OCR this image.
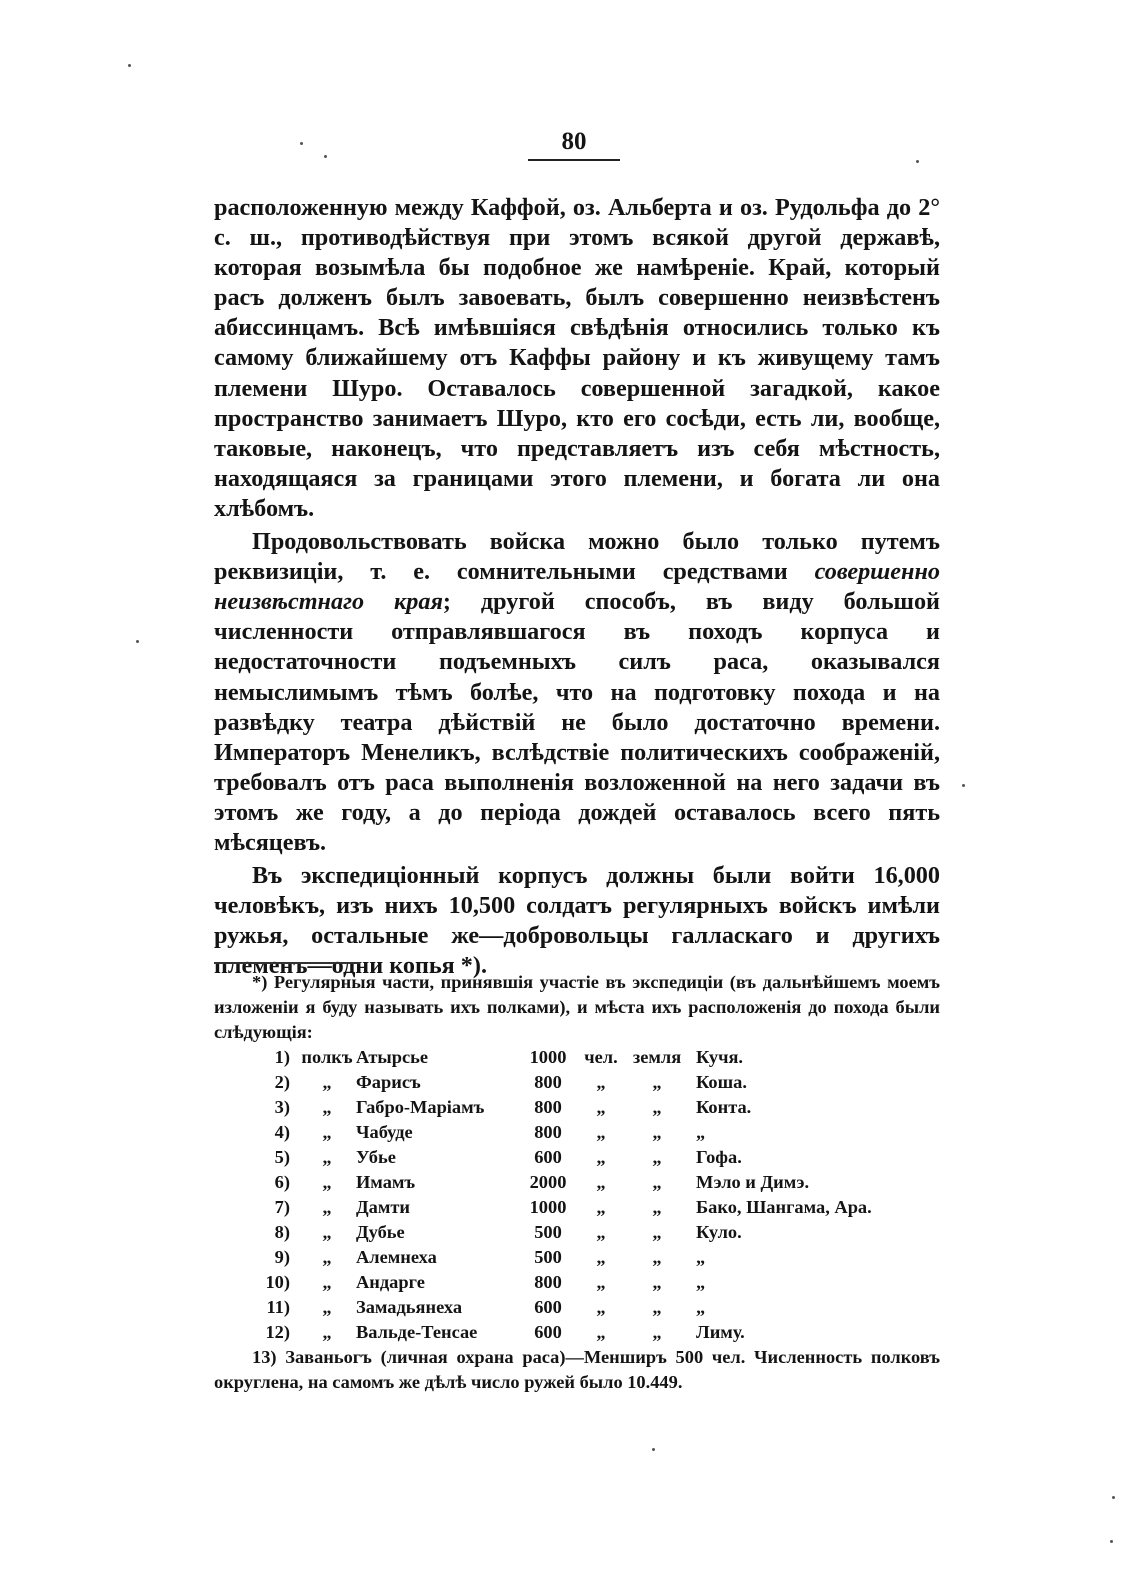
80

расположенную между Каффой, оз. Альберта и оз. Рудольфа до 2° с. ш., противодѣйствуя при этомъ всякой другой державѣ, которая возымѣла бы подобное же намѣреніе. Край, который расъ долженъ былъ завоевать, былъ совершенно неизвѣстенъ абиссинцамъ. Всѣ имѣвшіяся свѣдѣнія относились только къ самому ближайшему отъ Каффы району и къ живущему тамъ племени Шуро. Оставалось совершенной загадкой, какое пространство занимаетъ Шуро, кто его сосѣди, есть ли, вообще, таковые, наконецъ, что представляетъ изъ себя мѣстность, находящаяся за границами этого племени, и богата ли она хлѣбомъ.

Продовольствовать войска можно было только путемъ реквизиціи, т. е. сомнительными средствами совершенно неизвѣстнаго края; другой способъ, въ виду большой численности отправлявшагося въ походъ корпуса и недостаточности подъемныхъ силъ раса, оказывался немыслимымъ тѣмъ болѣе, что на подготовку похода и на развѣдку театра дѣйствій не было достаточно времени. Императоръ Менеликъ, вслѣдствіе политическихъ соображеній, требовалъ отъ раса выполненія возложенной на него задачи въ этомъ же году, а до періода дождей оставалось всего пять мѣсяцевъ.

Въ экспедиціонный корпусъ должны были войти 16,000 человѣкъ, изъ нихъ 10,500 солдатъ регулярныхъ войскъ имѣли ружья, остальные же—добровольцы галласкаго и другихъ племенъ—одни копья *).

*) Регулярныя части, принявшія участіе въ экспедиціи (въ дальнѣйшемъ моемъ изложеніи я буду называть ихъ полками), и мѣста ихъ расположенія до похода были слѣдующія:

1)	полкъ	Атырсье	1000	чел.	земля	Кучя.
2)	„	Фарисъ	800	„	„	Коша.
3)	„	Габро-Маріамъ	800	„	„	Конта.
4)	„	Чабуде	800	„	„	„
5)	„	Убье	600	„	„	Гофа.
6)	„	Имамъ	2000	„	„	Мэло и Димэ.
7)	„	Дамти	1000	„	„	Бако, Шангама, Ара.
8)	„	Дубье	500	„	„	Куло.
9)	„	Алемнеха	500	„	„	„
10)	„	Андарге	800	„	„	„
11)	„	Замадьянеха	600	„	„	„
12)	„	Вальде-Тенсае	600	„	„	Лиму.

13) Заваньогъ (личная охрана раса)—Менширъ 500 чел. Численность полковъ округлена, на самомъ же дѣлѣ число ружей было 10.449.
